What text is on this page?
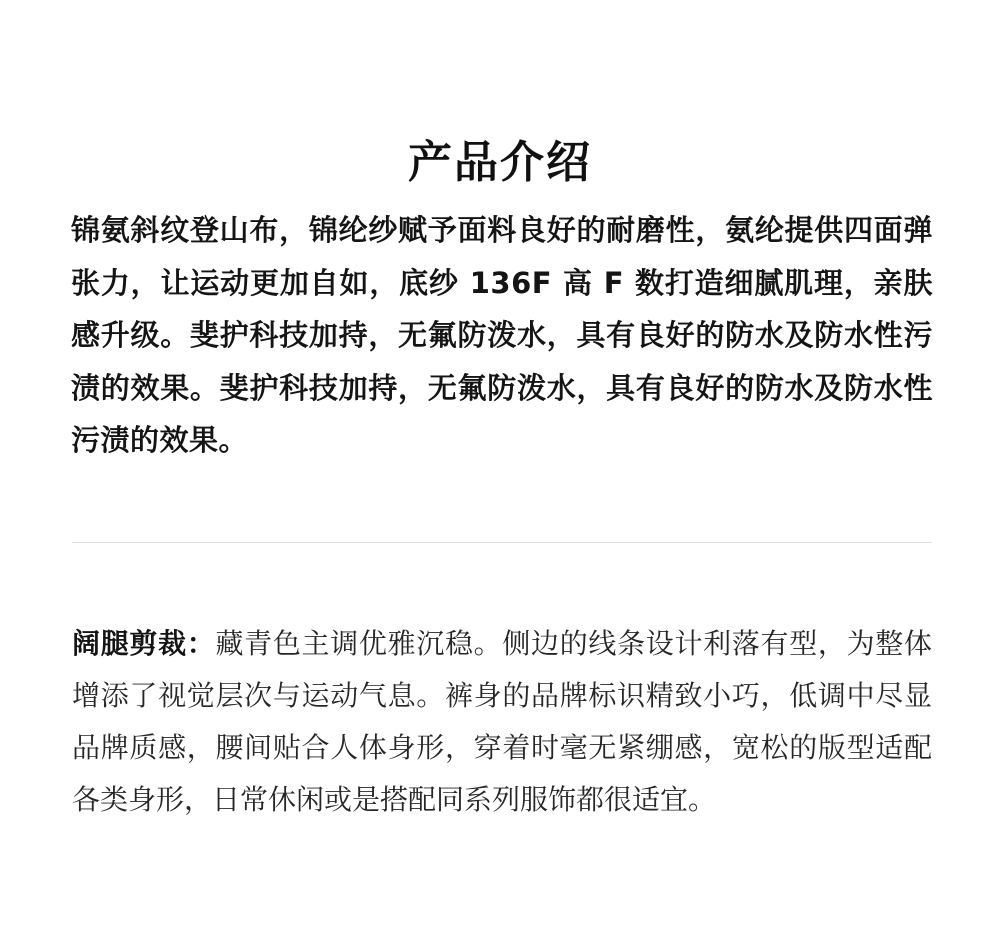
产品介绍

锦氨斜纹登山布，锦纶纱赋予面料良好的耐磨性，氨纶提供四面弹张力，让运动更加自如，底纱 136F 高 F 数打造细腻肌理，亲肤感升级。斐护科技加持，无氟防泼水，具有良好的防水及防水性污渍的效果。斐护科技加持，无氟防泼水，具有良好的防水及防水性污渍的效果。

阔腿剪裁：藏青色主调优雅沉稳。侧边的线条设计利落有型，为整体增添了视觉层次与运动气息。裤身的品牌标识精致小巧，低调中尽显品牌质感，腰间贴合人体身形，穿着时毫无紧绷感，宽松的版型适配各类身形，日常休闲或是搭配同系列服饰都很适宜。
